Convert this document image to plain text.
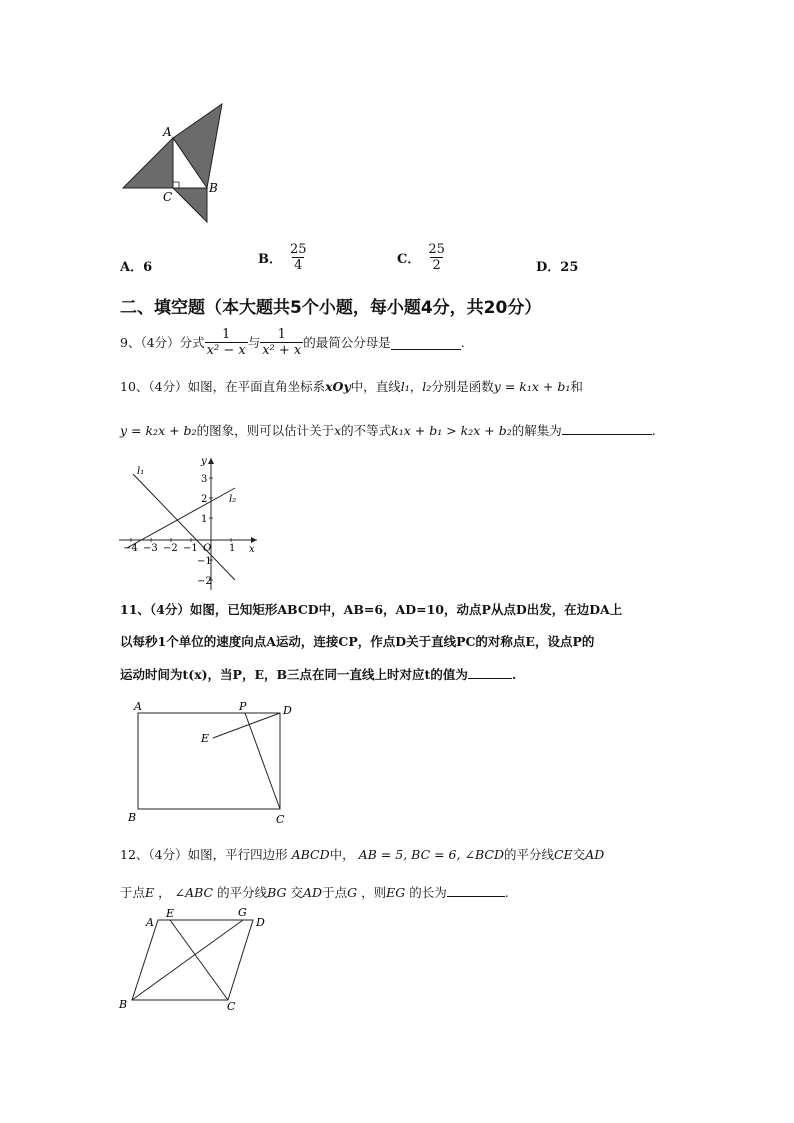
A
B
C
A．6
B． $\frac{25}{4}$	C． $\frac{25}{2}$	D．25
二、填空题（本大题共5个小题，每小题4分，共20分）
9、（4分）分式 $\frac{1}{\text{x² − x}}$ 与 $\frac{1}{\text{x² + x}}$ 的最简公分母是	.
10、（4分）如图，在平面直角坐标系xOy中，直线l₁，l₂分别是函数y = k₁x + b₁和
y = k₂x + b₂的图象，则可以估计关于x的不等式k₁x + b₁ > k₂x + b₂的解集为	.
y
x
O
l₁
l₂
−4 −3 −2 −1	1
3
2
1
−1
−2
11、（4分）如图，已知矩形ABCD中，AB=6，AD=10，动点P从点D出发，在边DA上
以每秒1个单位的速度向点A运动，连接CP，作点D关于直线PC的对称点E，设点P的
运动时间为t(x)，当P，E，B三点在同一直线上时对应t的值为	.
A	P	D
E
B	C
12、（4分）如图，平行四边形 ABCD中， AB = 5, BC = 6, ∠BCD的平分线CE交AD
于点E ， ∠ABC 的平分线BG 交AD于点G ，则EG 的长为	.
A
E	G
D
B	C
